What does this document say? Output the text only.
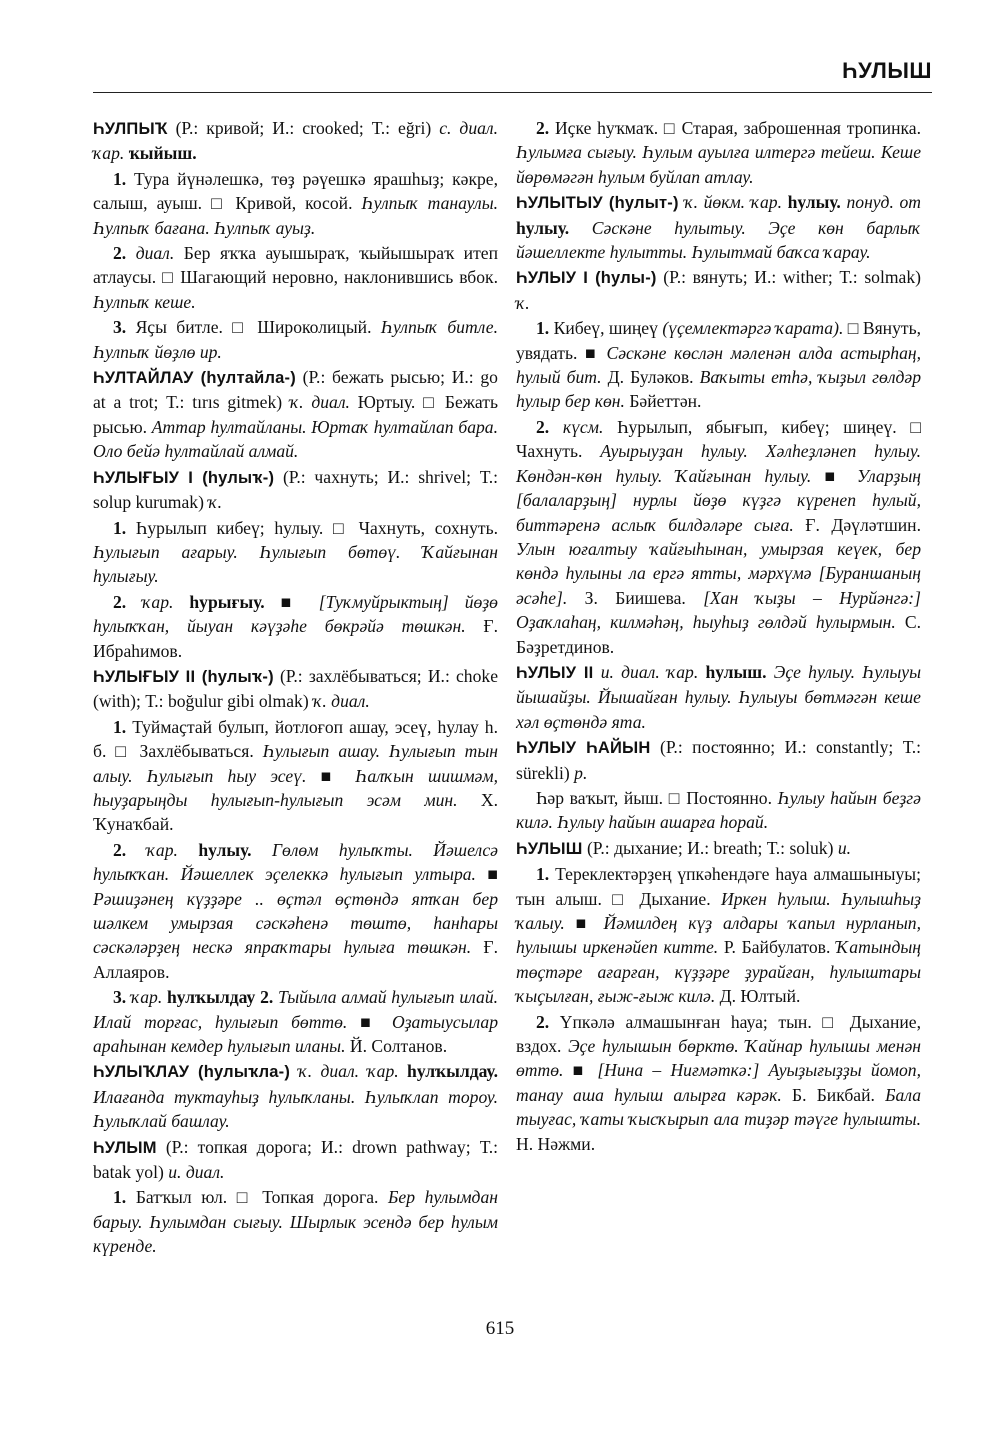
ҺУЛЫШ

ҺУЛПЫҠ (Р.: кривой; И.: crooked; Т.: eğri) с. диал. ҡар. ҡыйыш.

1. Тура йүнәлешкә, төҙ рәүешкә ярашһыҙ; кәкре, салыш, ауыш. □ Кривой, косой. Һулпыҡ танаулы. Һулпыҡ бағана. Һулпыҡ ауыҙ.

2. диал. Бер яҡҡа ауышыраҡ, ҡыйышыраҡ итеп атлаусы. □ Шагающий неровно, наклонившись вбок. Һулпыҡ кеше.

3. Яҫы битле. □ Широколицый. Һулпыҡ битле. Һулпыҡ йөҙлө ир.

ҺУЛТАЙЛАУ (һултайла-) (Р.: бежать рысью; И.: go at a trot; Т.: tırıs gitmek) ҡ. диал. Юртыу. □ Бежать рысью. Аттар һултайланы. Юртаҡ һултайлап бара. Оло бейә һултайлай алмай.

ҺУЛЫҒЫУ I (һулыҡ-) (Р.: чахнуть; И.: shrivel; Т.: solup kurumak) ҡ.

1. Һурылып кибеү; һулыу. □ Чахнуть, сохнуть. Һулығып ағарыу. Һулығып бөтөү. Ҡайғынан һулығыу.

2. ҡар. һурығыу. ■ [Туҡмуйрыктың] йөҙө һулыҡҡан, йыуан кәүҙәһе бөкрәйә төшкән. Ғ. Ибраһимов.

ҺУЛЫҒЫУ II (һулыҡ-) (Р.: захлёбываться; И.: choke (with); Т.: boğulur gibi olmak) ҡ. диал.

1. Туймаҫтай булып, йотлоғоп ашау, эсеү, һулау һ. б. □ Захлёбываться. Һулығып ашау. Һулығып тын алыу. Һулығып һыу эсеү. ■ Һалҡын шишмәм, һыуҙарыңды һулығып-һулығып эсәм мин. Х. Ҡунаҡбай.

2. ҡар. һулыу. Гөлөм һулыҡты. Йәшелсә һулыҡҡан. Йәшеллек эҫелеккә һулығып ултыра. ■ Рәшиҙәнең күҙҙәре .. өҫтәл өҫтөндә ятҡан бер шәлкем умырзая сәскәһенә төштө, һанһары сәскәләрҙең нескә япраҡтары һулыға төшкән. Ғ. Аллаяров.

3. ҡар. һулҡылдау 2. Тыйыла алмай һулығып илай. Илай торғас, һулығып бөттө. ■ Оҙатыусылар араһынан кемдер һулығып иланы. Й. Солтанов.

ҺУЛЫҠЛАУ (һулыҡла-) ҡ. диал. ҡар. һулҡылдау. Илағанда туктауһыҙ һулыҡланы. Һулыҡлап тороу. Һулыҡлай башлау.

ҺУЛЫМ (Р.: топкая дорога; И.: drown pathway; Т.: batak yol) и. диал.

1. Батҡыл юл. □ Топкая дорога. Бер һулымдан барыу. Һулымдан сығыу. Шырлык эсендә бер һулым күренде.

2. Иҫке һуҡмаҡ. □ Старая, заброшенная тропинка. Һулымға сығыу. Һулым ауылға илтергә тейеш. Кеше йөрөмәгән һулым буйлап атлау.

ҺУЛЫТЫУ (һулыт-) ҡ. йөкм. ҡар. һулыу. понуд. от һулыу. Сәскәне һулытыу. Эҫе көн барлыҡ йәшеллекте һулытты. Һулытмай баҡса ҡарау.

ҺУЛЫУ I (һулы-) (Р.: вянуть; И.: wither; Т.: solmak) ҡ.

1. Кибеү, шиңеү (үҫемлектәргә ҡарата). □ Вянуть, увядать. ■ Сәскәне көслән мәленән алда астырһаң, һулый бит. Д. Буләков. Ваҡыты етһә, ҡыҙыл гөлдәр һулыр бер көн. Бәйеттән.

2. күсм. Һурылып, ябығып, кибеү; шиңеү. □ Чахнуть. Ауырыуҙан һулыу. Хәлһеҙләнеп һулыу. Көндән-көн һулыу. Ҡайғынан һулыу. ■ Уларҙың [балаларҙың] нурлы йөҙө күҙгә күренеп һулый, биттәренә аслыҡ билдәләре сыға. Ғ. Дәүләтшин. Улын юғалтыу ҡайғыһынан, умырзая кеүек, бер көндә һулыны ла ергә ятты, мәрхүмә [Бураншаның әсәһе]. З. Биишева. [Хан ҡыҙы – Нурйәнгә:] Оҙаҡлаһаң, килмәһәң, һыуһыҙ гөлдәй һулырмын. С. Бәҙретдинов.

ҺУЛЫУ II и. диал. ҡар. һулыш. Эҫе һулыу. Һулыуы йышайҙы. Йышайған һулыу. Һулыуы бөтмәгән кеше хәл өҫтөндә ята.

ҺУЛЫУ ҺАЙЫН (Р.: постоянно; И.: constantly; Т.: sürekli) р.

Һәр ваҡыт, йыш. □ Постоянно. Һулыу һайын беҙгә килә. Һулыу һайын ашарға һорай.

ҺУЛЫШ (Р.: дыхание; И.: breath; Т.: soluk) и.

1. Тереклектәрҙең үпкәһендәге һауа алмашыныуы; тын алыш. □ Дыхание. Иркен һулыш. Һулышһыҙ ҡалыу. ■ Йәмилдең күҙ алдары ҡапыл нурланып, һулышы иркенәйеп китте. Р. Байбулатов. Ҡатындың төҫтәре ағарған, күҙҙәре ҙурайған, һулыштары ҡыҫылған, ғыж-ғыж килә. Д. Юлтый.

2. Үпкәлә алмашынған һауа; тын. □ Дыхание, вздох. Эҫе һулышын бөрктө. Ҡайнар һулышы менән өттө. ■ [Нина – Ниғмәткә:] Ауыҙығыҙҙы йомоп, танау аша һулыш алырға кәрәк. Б. Бикбай. Бала тыуғас, ҡаты ҡысҡырып ала тиҙәр тәүге һулышты. Н. Нәжми.

615
